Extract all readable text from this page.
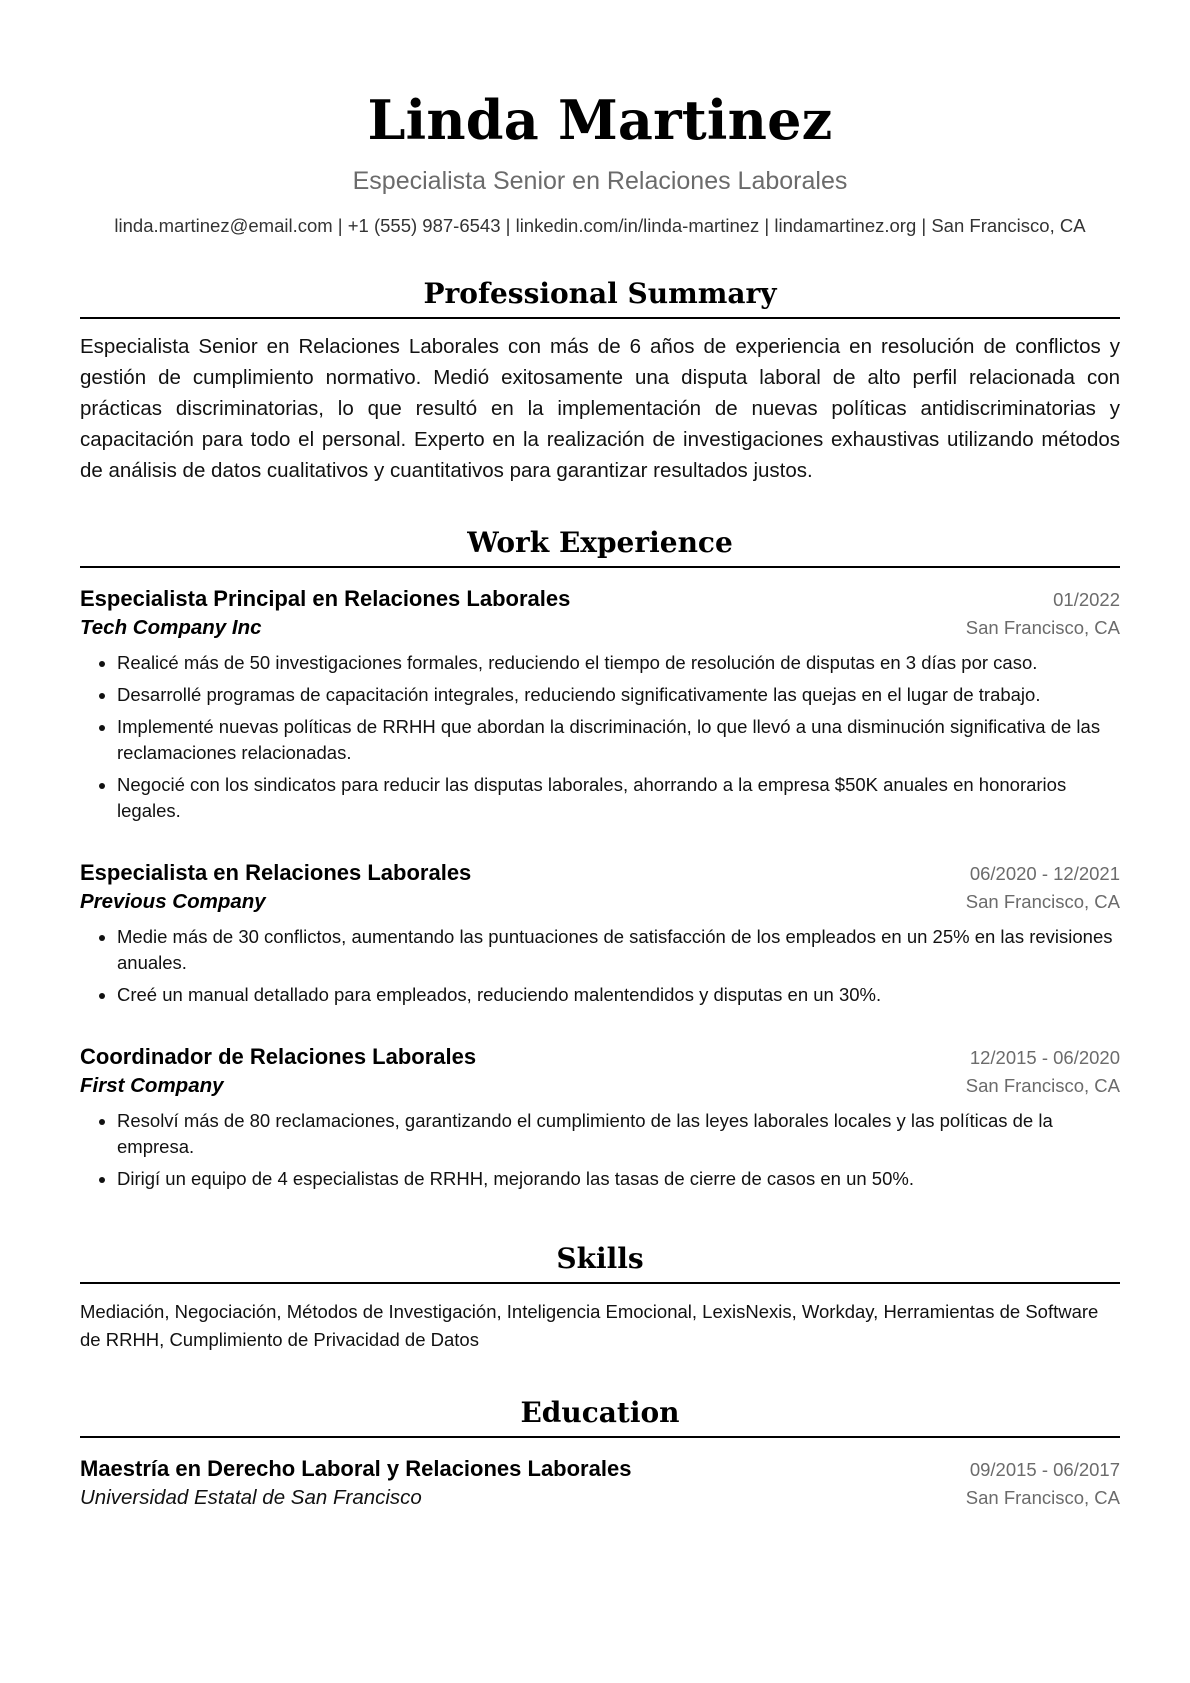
Linda Martinez
Especialista Senior en Relaciones Laborales
linda.martinez@email.com | +1 (555) 987-6543 | linkedin.com/in/linda-martinez | lindamartinez.org | San Francisco, CA
Professional Summary
Especialista Senior en Relaciones Laborales con más de 6 años de experiencia en resolución de conflictos y gestión de cumplimiento normativo. Medió exitosamente una disputa laboral de alto perfil relacionada con prácticas discriminatorias, lo que resultó en la implementación de nuevas políticas antidiscriminatorias y capacitación para todo el personal. Experto en la realización de investigaciones exhaustivas utilizando métodos de análisis de datos cualitativos y cuantitativos para garantizar resultados justos.
Work Experience
Especialista Principal en Relaciones Laborales	01/2022
Tech Company Inc	San Francisco, CA
• Realicé más de 50 investigaciones formales, reduciendo el tiempo de resolución de disputas en 3 días por caso.
• Desarrollé programas de capacitación integrales, reduciendo significativamente las quejas en el lugar de trabajo.
• Implementé nuevas políticas de RRHH que abordan la discriminación, lo que llevó a una disminución significativa de las reclamaciones relacionadas.
• Negocié con los sindicatos para reducir las disputas laborales, ahorrando a la empresa $50K anuales en honorarios legales.
Especialista en Relaciones Laborales	06/2020 - 12/2021
Previous Company	San Francisco, CA
• Medie más de 30 conflictos, aumentando las puntuaciones de satisfacción de los empleados en un 25% en las revisiones anuales.
• Creé un manual detallado para empleados, reduciendo malentendidos y disputas en un 30%.
Coordinador de Relaciones Laborales	12/2015 - 06/2020
First Company	San Francisco, CA
• Resolví más de 80 reclamaciones, garantizando el cumplimiento de las leyes laborales locales y las políticas de la empresa.
• Dirigí un equipo de 4 especialistas de RRHH, mejorando las tasas de cierre de casos en un 50%.
Skills
Mediación, Negociación, Métodos de Investigación, Inteligencia Emocional, LexisNexis, Workday, Herramientas de Software de RRHH, Cumplimiento de Privacidad de Datos
Education
Maestría en Derecho Laboral y Relaciones Laborales	09/2015 - 06/2017
Universidad Estatal de San Francisco	San Francisco, CA
